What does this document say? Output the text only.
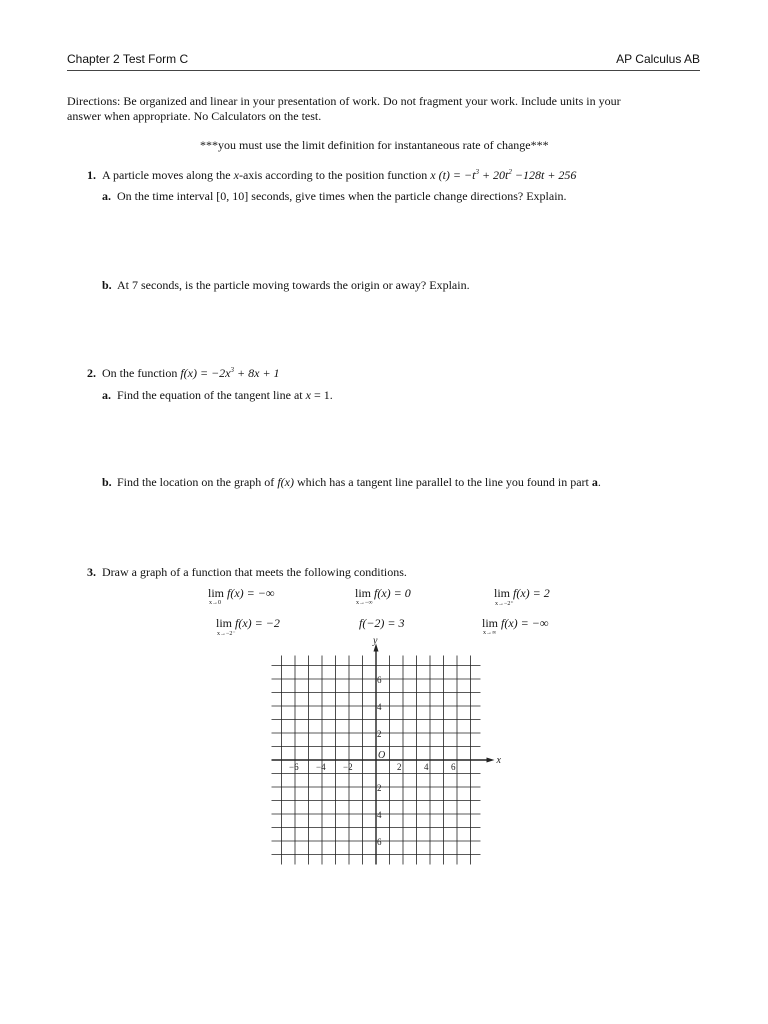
Chapter 2 Test Form C	AP Calculus AB
Directions: Be organized and linear in your presentation of work. Do not fragment your work. Include units in your
answer when appropriate. No Calculators on the test.
***you must use the limit definition for instantaneous rate of change***
1. A particle moves along the x-axis according to the position function x $(t) = -t^3 + 20t^2 -128t + 256$
a. On the time interval [0, 10] seconds, give times when the particle change directions? Explain.
b. At 7 seconds, is the particle moving towards the origin or away? Explain.
2. On the function $f(x) = -2x^3 + 8x + 1$
a. Find the equation of the tangent line at x = 1.
b. Find the location on the graph of f(x) which has a tangent line parallel to the line you found in part a.
3. Draw a graph of a function that meets the following conditions.
lim f(x) = −∞
x→0
lim f(x) = 0
x→−∞
lim f(x) = 2
x→−2⁺
lim f(x) = −2
x→−2⁻
f(−2) = 3	lim f(x) = −∞
x→∞
x
y
O
−6 −4 −2	2	4	6
6
4
2
2
4
6
